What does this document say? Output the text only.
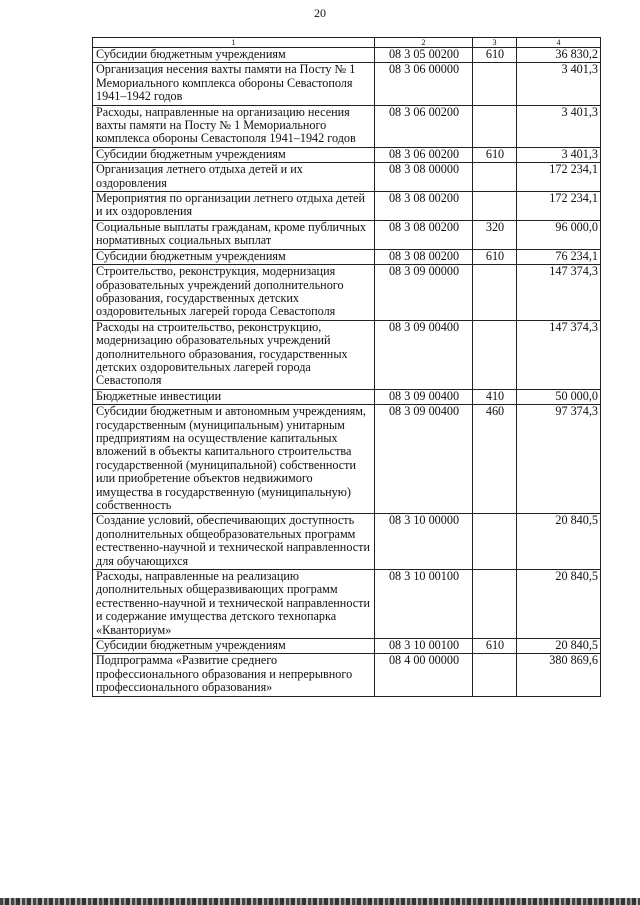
20
1	2	3	4
Субсидии бюджетным учреждениям	08 3 05 00200	610	36 830,2
Организация несения вахты памяти на Посту № 1 Мемориального комплекса обороны Севастополя 1941–1942 годов	08 3 06 00000		3 401,3
Расходы, направленные на организацию несения вахты памяти на Посту № 1 Мемориального комплекса обороны Севастополя 1941–1942 годов	08 3 06 00200		3 401,3
Субсидии бюджетным учреждениям	08 3 06 00200	610	3 401,3
Организация летнего отдыха детей и их оздоровления	08 3 08 00000		172 234,1
Мероприятия по организации летнего отдыха детей и их оздоровления	08 3 08 00200		172 234,1
Социальные выплаты гражданам, кроме публичных нормативных социальных выплат	08 3 08 00200	320	96 000,0
Субсидии бюджетным учреждениям	08 3 08 00200	610	76 234,1
Строительство, реконструкция, модернизация образовательных учреждений дополнительного образования, государственных детских оздоровительных лагерей города Севастополя	08 3 09 00000		147 374,3
Расходы на строительство, реконструкцию, модернизацию образовательных учреждений дополнительного образования, государственных детских оздоровительных лагерей города Севастополя	08 3 09 00400		147 374,3
Бюджетные инвестиции	08 3 09 00400	410	50 000,0
Субсидии бюджетным и автономным учреждениям, государственным (муниципальным) унитарным предприятиям на осуществление капитальных вложений в объекты капитального строительства государственной (муниципальной) собственности или приобретение объектов недвижимого имущества в государственную (муниципальную) собственность	08 3 09 00400	460	97 374,3
Создание условий, обеспечивающих доступность дополнительных общеобразовательных программ естественно-научной и технической направленности для обучающихся	08 3 10 00000		20 840,5
Расходы, направленные на реализацию дополнительных общеразвивающих программ естественно-научной и технической направленности и содержание имущества детского технопарка «Кванториум»	08 3 10 00100		20 840,5
Субсидии бюджетным учреждениям	08 3 10 00100	610	20 840,5
Подпрограмма «Развитие среднего профессионального образования и непрерывного профессионального образования»	08 4 00 00000		380 869,6
